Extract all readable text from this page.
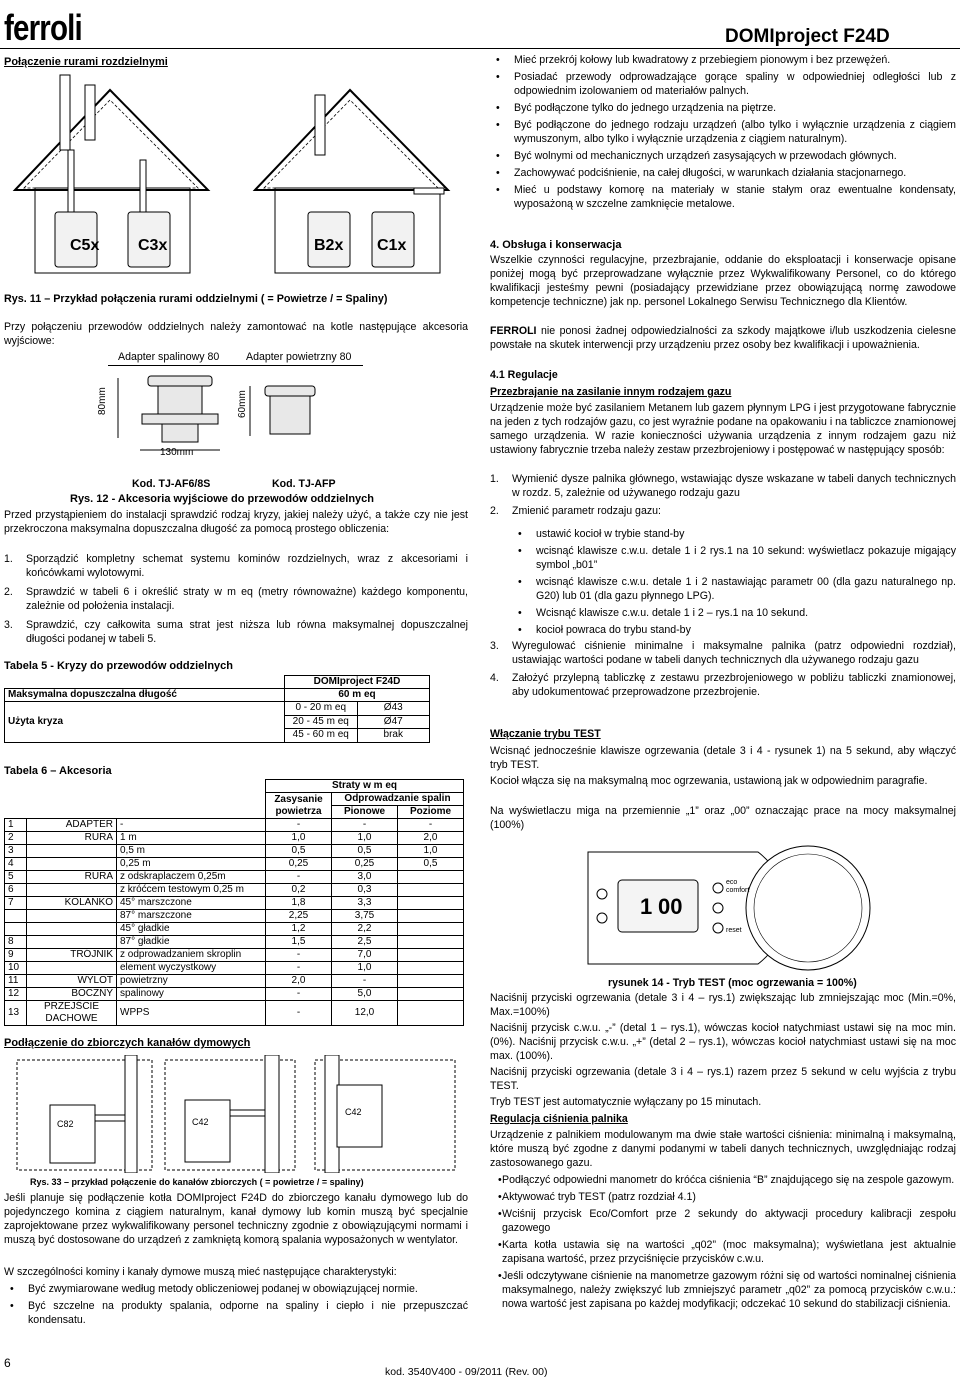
ferroli	DOMIproject F24D
Połączenie rurami rozdzielnymi
C5x C3x	B2x C1x
Rys. 11 – Przykład połączenia rurami oddzielnymi ( = Powietrze / = Spaliny)

Przy połączeniu przewodów oddzielnych należy zamontować na kotle następujące akcesoria wyjściowe:

Adapter spalinowy 80	Adapter powietrzny 80
80mm	60mm
130mm
Kod. TJ-AF6/8S	Kod. TJ-AFP
Rys. 12 - Akcesoria wyjściowe do przewodów oddzielnych

Przed przystąpieniem do instalacji sprawdzić rodzaj kryzy, jakiej należy użyć, a także czy nie jest przekroczona maksymalna dopuszczalna długość za pomocą prostego obliczenia:

1. Sporządzić kompletny schemat systemu kominów rozdzielnych, wraz z akcesoriami i końcówkami wylotowymi.
2. Sprawdzić w tabeli 6 i określić straty w m eq (metry równoważne) każdego komponentu, zależnie od położenia instalacji.
3. Sprawdzić, czy całkowita suma strat jest niższa lub równa maksymalnej dopuszczalnej długości podanej w tabeli 5.
Tabela 5 - Kryzy do przewodów oddzielnych
	DOMIproject F24D
Maksymalna dopuszczalna długość	60 m eq
Użyta kryza	
0 - 20 m eq	Ø43

20 - 45 m eq	Ø47

45 - 60 m eq	brak
Tabela 6 – Akcesoria
			Straty w m eq		
			Zasysanie powietrza	Odprowadzanie spalin	
				Pionowe	Poziome
1	ADAPTER	-	-	-	-
2	RURA	1 m	1,0	1,0	2,0
3		0,5 m	0,5	0,5	1,0
4		0,25 m	0,25	0,25	0,5
5	RURA	z odskraplaczem 0,25m	-	3,0	
6		z króćcem testowym 0,25 m	0,2	0,3	
7	KOLANKO	45° marszczone	1,8	3,3	
		87° marszczone	2,25	3,75	
		45° gładkie	1,2	2,2	
8		87° gładkie	1,5	2,5	
9	TRÓJNIK	z odprowadzaniem skroplin	-	7,0	
10		element wyczystkowy	-	1,0	
11	WYLOT	powietrzny	2,0	-	
12	BOCZNY	spalinowy	-	5,0	
13	PRZEJŚCIE DACHOWE	WPPS	-	12,0	
Podłączenie do zbiorczych kanałów dymowych
C82	C42
C42
Rys. 33 – przykład połączenie do kanałów zbiorczych ( = powietrze / = spaliny)

Jeśli planuje się podłączenie kotła DOMIproject F24D do zbiorczego kanału dymowego lub do pojedynczego komina z ciągiem naturalnym, kanał dymowy lub komin muszą być specjalnie zaprojektowane przez wykwalifikowany personel techniczny zgodnie z obowiązującymi normami i muszą być dostosowane do urządzeń z zamkniętą komorą spalania wyposażonych w wentylator.

W szczególności kominy i kanały dymowe muszą mieć następujące charakterystyki:

• Być zwymiarowane według metody obliczeniowej podanej w obowiązującej normie.
• Być szczelne na produkty spalania, odporne na spaliny i ciepło i nie przepuszczać kondensatu.
6
• Mieć przekrój kołowy lub kwadratowy z przebiegiem pionowym i bez przewężeń.
• Posiadać przewody odprowadzające gorące spaliny w odpowiedniej odległości lub z odpowiednim izolowaniem od materiałów palnych.
• Być podłączone tylko do jednego urządzenia na piętrze.
• Być podłączone do jednego rodzaju urządzeń (albo tylko i wyłącznie urządzenia z ciągiem wymuszonym, albo tylko i wyłącznie urządzenia z ciągiem naturalnym).
• Być wolnymi od mechanicznych urządzeń zasysających w przewodach głównych.
• Zachowywać podciśnienie, na całej długości, w warunkach działania stacjonarnego.
• Mieć u podstawy komorę na materiały w stanie stałym oraz ewentualne kondensaty, wyposażoną w szczelne zamknięcie metalowe.
4. Obsługa i konserwacja

Wszelkie czynności regulacyjne, przezbrajanie, oddanie do eksploatacji i konserwacje opisane poniżej mogą być przeprowadzane wyłącznie przez Wykwalifikowany Personel, co do którego kwalifikacji jesteśmy pewni (posiadający przewidziane przez obowiązującą normę zawodowe kompetencje techniczne) jak np. personel Lokalnego Serwisu Technicznego dla Klientów.

FERROLI nie ponosi żadnej odpowiedzialności za szkody majątkowe i/lub uszkodzenia cielesne powstałe na skutek interwencji przy urządzeniu przez osoby bez kwalifikacji i upoważnienia.

4.1 Regulacje
Przezbrajanie na zasilanie innym rodzajem gazu

Urządzenie może być zasilaniem Metanem lub gazem płynnym LPG i jest przygotowane fabrycznie na jeden z tych rodzajów gazu, co jest wyraźnie podane na opakowaniu i na tabliczce znamionowej samego urządzenia. W razie konieczności używania urządzenia z innym rodzajem gazu niż ustawiony fabrycznie trzeba należy zestaw przezbrojeniowy i postępować w następujący sposób:

1. Wymienić dysze palnika głównego, wstawiając dysze wskazane w tabeli danych technicznych w rozdz. 5, zależnie od używanego rodzaju gazu
2. Zmienić parametr rodzaju gazu:
• ustawić kocioł w trybie stand-by
• wcisnąć klawisze c.w.u. detale 1 i 2 rys.1 na 10 sekund: wyświetlacz pokazuje migający symbol „b01”
• wcisnąć klawisze c.w.u. detale 1 i 2 nastawiając parametr 00 (dla gazu naturalnego np. G20) lub 01 (dla gazu płynnego LPG).
• Wcisnąć klawisze c.w.u. detale 1 i 2 – rys.1 na 10 sekund.
• kocioł powraca do trybu stand-by
3. Wyregulować ciśnienie minimalne i maksymalne palnika (patrz odpowiedni rozdział), ustawiając wartości podane w tabeli danych technicznych dla używanego rodzaju gazu
4. Założyć przylepną tabliczkę z zestawu przezbrojeniowego w pobliżu tabliczki znamionowej, aby udokumentować przeprowadzone przezbrojenie.
Włączanie trybu TEST

Wcisnąć jednocześnie klawisze ogrzewania (detale 3 i 4 - rysunek 1) na 5 sekund, aby włączyć tryb TEST.

Kocioł włącza się na maksymalną moc ogrzewania, ustawioną jak w odpowiednim paragrafie.

Na wyświetlaczu miga na przemiennie „1” oraz „00” oznaczając prace na mocy maksymalnej (100%)

1 00
eco
comfort
reset
rysunek 14 - Tryb TEST (moc ogrzewania = 100%)

Naciśnij przyciski ogrzewania (detale 3 i 4 – rys.1) zwiększając lub zmniejszając moc (Min.=0%, Max.=100%)

Naciśnij przycisk c.w.u. „-” (detal 1 – rys.1), wówczas kocioł natychmiast ustawi się na moc min. (0%). Naciśnij przycisk c.w.u. „+” (detal 2 – rys.1), wówczas kocioł natychmiast ustawi się na moc max. (100%).

Naciśnij przyciski ogrzewania (detale 3 i 4 – rys.1) razem przez 5 sekund w celu wyjścia z trybu TEST.

Tryb TEST jest automatycznie wyłączany po 15 minutach.

Regulacja ciśnienia palnika

Urządzenie z palnikiem modulowanym ma dwie stałe wartości ciśnienia: minimalną i maksymalną, które muszą być zgodne z danymi podanymi w tabeli danych technicznych, uwzględniając rodzaj zastosowanego gazu.

• Podłączyć odpowiedni manometr do króćca ciśnienia “B” znajdującego się na zespole gazowym.
• Aktywować tryb TEST (patrz rozdział 4.1)
• Wciśnij przycisk Eco/Comfort prze 2 sekundy do aktywacji procedury kalibracji zespołu gazowego
• Karta kotła ustawia się na wartości „q02” (moc maksymalna); wyświetlana jest aktualnie zapisana wartość, przez przyciśnięcie przycisków c.w.u.
• Jeśli odczytywane ciśnienie na manometrze gazowym różni się od wartości nominalnej ciśnienia maksymalnego, należy zwiększyć lub zmniejszyć parametr „q02” za pomocą przycisków c.w.u.: nowa wartość jest zapisana po każdej modyfikacji; odczekać 10 sekund do stabilizacji ciśnienia.
kod. 3540V400 - 09/2011 (Rev. 00)
